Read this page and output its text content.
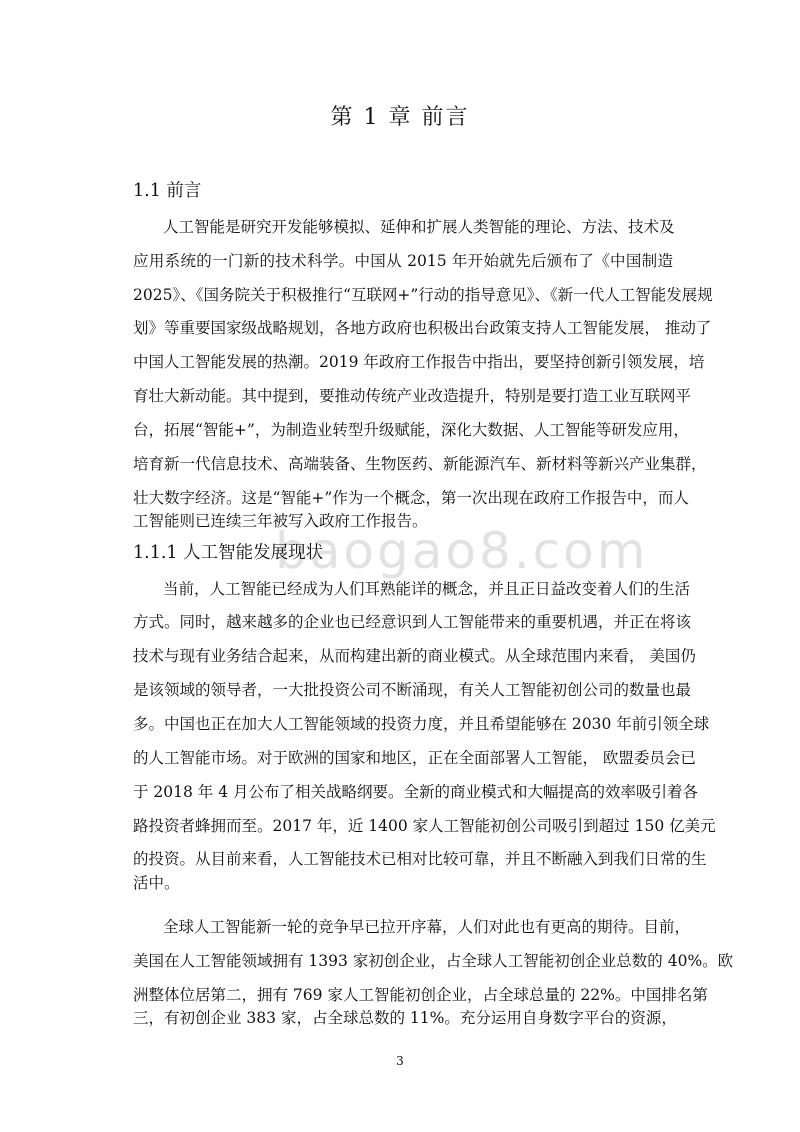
第 1 章 前言
1.1 前言
人工智能是研究开发能够模拟、延伸和扩展人类智能的理论、方法、技术及
应用系统的一门新的技术科学。中国从 2015 年开始就先后颁布了《中国制造
2025》、《国务院关于积极推行“互联网+”行动的指导意见》、《新一代人工智能发展规
划》等重要国家级战略规划，各地方政府也积极出台政策支持人工智能发展， 推动了
中国人工智能发展的热潮。2019 年政府工作报告中指出，要坚持创新引领发展，培
育壮大新动能。其中提到，要推动传统产业改造提升，特别是要打造工业互联网平
台，拓展“智能+”，为制造业转型升级赋能，深化大数据、人工智能等研发应用，
培育新一代信息技术、高端装备、生物医药、新能源汽车、新材料等新兴产业集群，
壮大数字经济。这是“智能+”作为一个概念，第一次出现在政府工作报告中，而人
工智能则已连续三年被写入政府工作报告。
baogao8.com
1.1.1 人工智能发展现状
当前，人工智能已经成为人们耳熟能详的概念，并且正日益改变着人们的生活
方式。同时，越来越多的企业也已经意识到人工智能带来的重要机遇，并正在将该
技术与现有业务结合起来，从而构建出新的商业模式。从全球范围内来看， 美国仍
是该领域的领导者，一大批投资公司不断涌现，有关人工智能初创公司的数量也最
多。中国也正在加大人工智能领域的投资力度，并且希望能够在 2030 年前引领全球
的人工智能市场。对于欧洲的国家和地区，正在全面部署人工智能， 欧盟委员会已
于 2018 年 4 月公布了相关战略纲要。全新的商业模式和大幅提高的效率吸引着各
路投资者蜂拥而至。2017 年，近 1400 家人工智能初创公司吸引到超过 150 亿美元
的投资。从目前来看，人工智能技术已相对比较可靠，并且不断融入到我们日常的生
活中。
全球人工智能新一轮的竞争早已拉开序幕，人们对此也有更高的期待。目前，
美国在人工智能领域拥有 1393 家初创企业，占全球人工智能初创企业总数的 40%。欧
洲整体位居第二，拥有 769 家人工智能初创企业，占全球总量的 22%。中国排名第
三，有初创企业 383 家，占全球总数的 11%。充分运用自身数字平台的资源，
3
